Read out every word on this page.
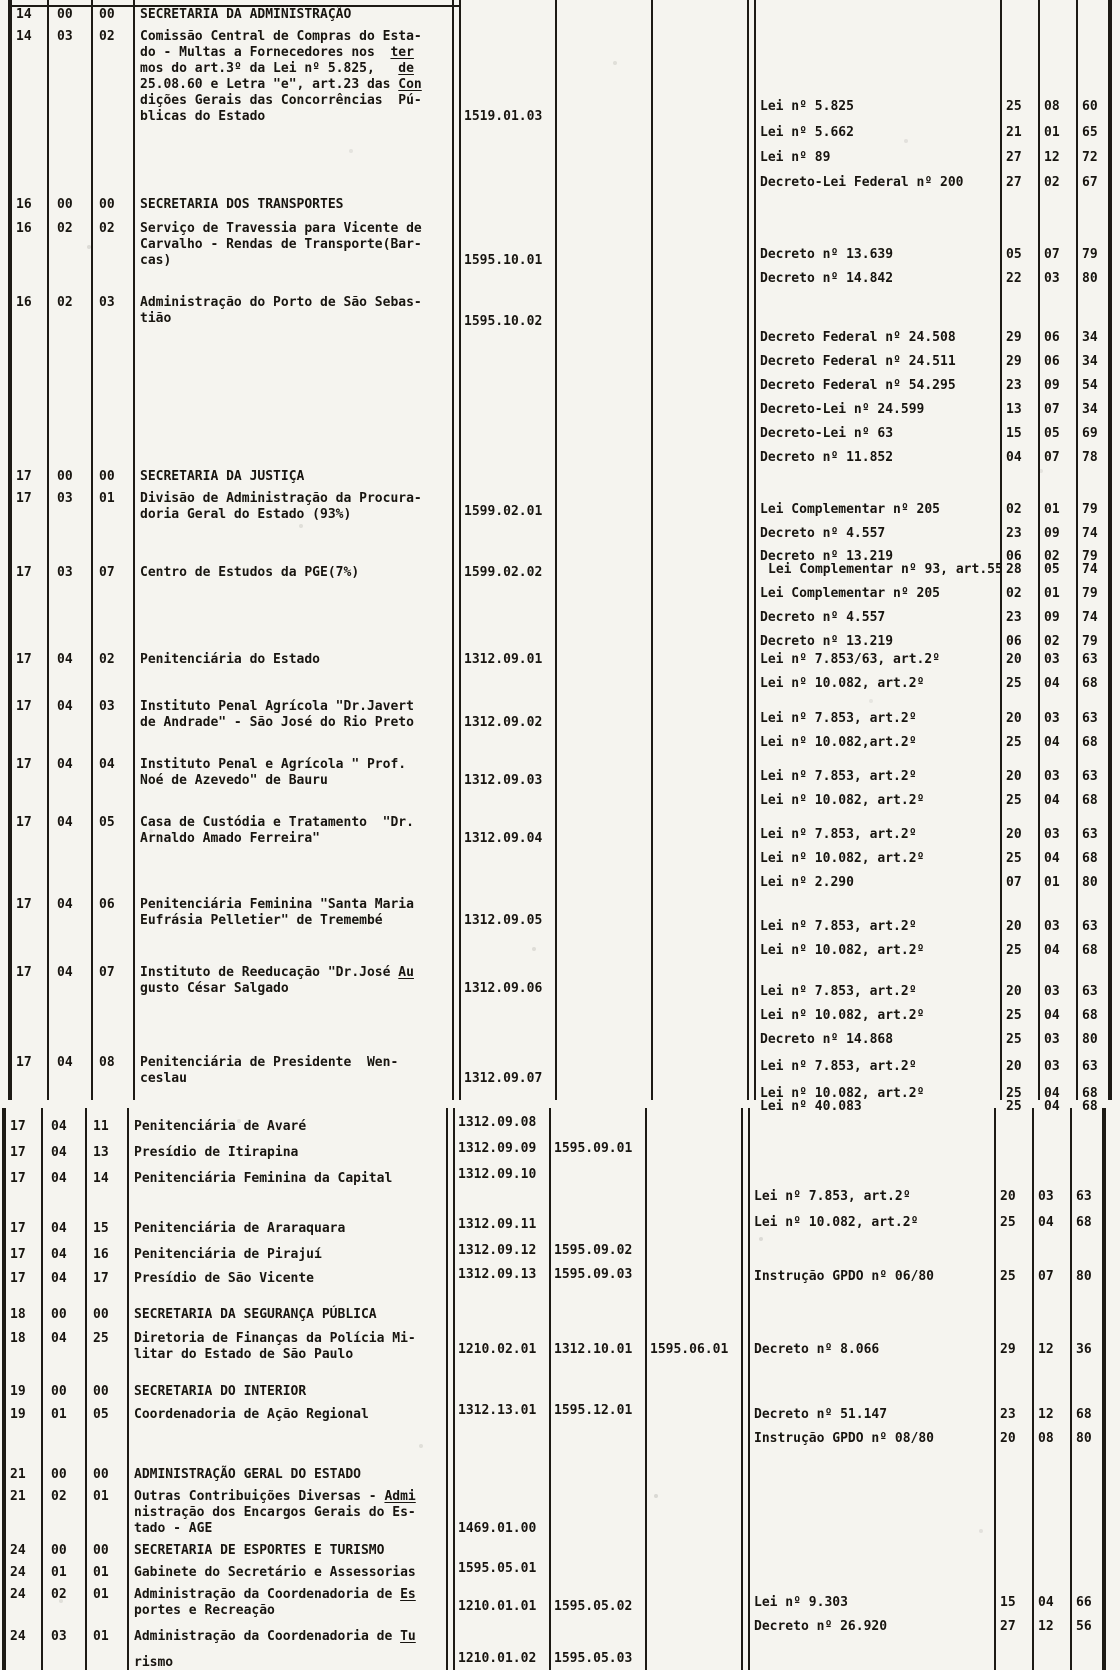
14 00 00 SECRETARIA DA ADMINISTRAÇÃO
14 03 02 Comissão Central de Compras do Esta-
do - Multas a Fornecedores nos  ter
mos do art.3º da Lei nº 5.825,   de
25.08.60 e Letra "e", art.23 das Con
dições Gerais das Concorrências  Pú-
blicas do Estado	1519.01.03
Lei nº 5.825	25 08 60
Lei nº 5.662	21 01 65
Lei nº 89	27 12 72
Decreto-Lei Federal nº 200	27 02 67
16 00 00 SECRETARIA DOS TRANSPORTES
16 02 02 Serviço de Travessia para Vicente de
Carvalho - Rendas de Transporte(Bar-
cas)	1595.10.01	Decreto nº 13.639	05 07 79
Decreto nº 14.842	22 03 80
16 02 03 Administração do Porto de São Sebas-
tião	1595.10.02
Decreto Federal nº 24.508	29 06 34
Decreto Federal nº 24.511	29 06 34
Decreto Federal nº 54.295	23 09 54
Decreto-Lei nº 24.599	13 07 34
Decreto-Lei nº 63	15 05 69
Decreto nº 11.852	04 07 78
17 00 00 SECRETARIA DA JUSTIÇA
17 03 01 Divisão de Administração da Procura-
doria Geral do Estado (93%)	1599.02.01	Lei Complementar nº 205	02 01 79
Decreto nº 4.557	23 09 74
Decreto nº 13.219	06 02 79
17 03 07 Centro de Estudos da PGE(7%)	1599.02.02	Lei Complementar nº 93, art.55 28 05 74
Lei Complementar nº 205	02 01 79
Decreto nº 4.557	23 09 74
Decreto nº 13.219	06 02 79
17 04 02 Penitenciária do Estado	1312.09.01	Lei nº 7.853/63, art.2º	20 03 63
Lei nº 10.082, art.2º	25 04 68
17 04 03 Instituto Penal Agrícola "Dr.Javert
de Andrade" - São José do Rio Preto	1312.09.02	Lei nº 7.853, art.2º	20 03 63
Lei nº 10.082,art.2º	25 04 68
17 04 04 Instituto Penal e Agrícola " Prof.
Noé de Azevedo" de Bauru	1312.09.03	Lei nº 7.853, art.2º	20 03 63
Lei nº 10.082, art.2º	25 04 68
17 04 05 Casa de Custódia e Tratamento  "Dr.
Arnaldo Amado Ferreira"	1312.09.04	Lei nº 7.853, art.2º	20 03 63
Lei nº 10.082, art.2º	25 04 68
Lei nº 2.290	07 01 80
17 04 06 Penitenciária Feminina "Santa Maria
Eufrásia Pelletier" de Tremembé	1312.09.05	Lei nº 7.853, art.2º	20 03 63
Lei nº 10.082, art.2º	25 04 68
17 04 07 Instituto de Reeducação "Dr.José Au
gusto César Salgado	1312.09.06	Lei nº 7.853, art.2º	20 03 63
Lei nº 10.082, art.2º	25 04 68
Decreto nº 14.868	25 03 80
17 04 08 Penitenciária de Presidente  Wen-
ceslau	1312.09.07
Lei nº 7.853, art.2º	20 03 63
Lei nº 10.082, art.2º	25 04 68
Lei nº 40.083	25 04 68
17 04 11 Penitenciária de Avaré	1312.09.08
17 04 13 Presídio de Itirapina	1312.09.09 1595.09.01
17 04 14 Penitenciária Feminina da Capital	1312.09.10
Lei nº 7.853, art.2º	20 03 63
Lei nº 10.082, art.2º	25 04 68
17 04 15 Penitenciária de Araraquara	1312.09.11
17 04 16 Penitenciária de Pirajuí	1312.09.12 1595.09.02
17 04 17 Presídio de São Vicente	1312.09.13 1595.09.03	Instrução GPDO nº 06/80	25 07 80
18 00 00 SECRETARIA DA SEGURANÇA PÚBLICA
18 04 25 Diretoria de Finanças da Polícia Mi-
litar do Estado de São Paulo	1210.02.01 1312.10.01 1595.06.01 Decreto nº 8.066	29 12 36
19 00 00 SECRETARIA DO INTERIOR
19 01 05 Coordenadoria de Ação Regional	1312.13.01 1595.12.01	Decreto nº 51.147	23 12 68
Instrução GPDO nº 08/80	20 08 80
21 00 00 ADMINISTRAÇÃO GERAL DO ESTADO
21 02 01 Outras Contribuições Diversas - Admi
nistração dos Encargos Gerais do Es-
tado - AGE	1469.01.00
24 00 00 SECRETARIA DE ESPORTES E TURISMO
24 01 01 Gabinete do Secretário e Assessorias	1595.05.01
24 02 01 Administração da Coordenadoria de Es
portes e Recreação	1210.01.01 1595.05.02	Lei nº 9.303	15 04 66
Decreto nº 26.920	27 12 56
24 03 01 Administração da Coordenadoria de Tu
rismo	1210.01.02 1595.05.03
